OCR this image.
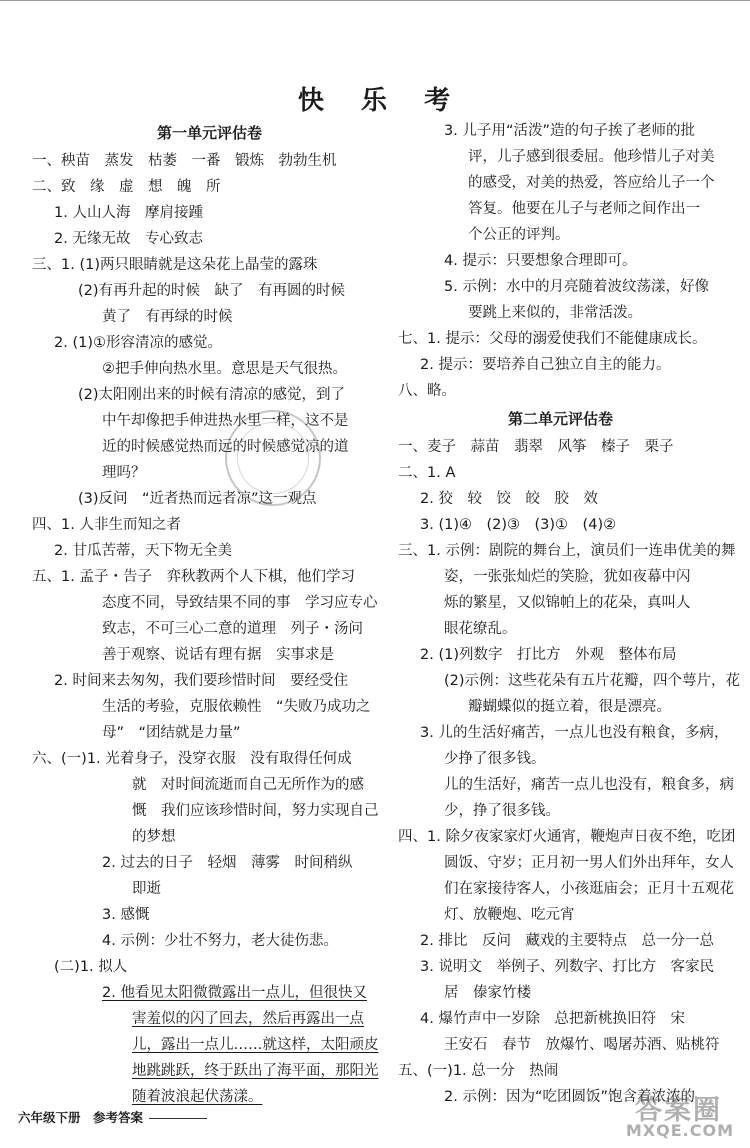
快 乐 考
第一单元评估卷
一、秧苗　蒸发　枯萎　一番　锻炼　勃勃生机
二、致　缘　虚　想　魄　所
1. 人山人海　摩肩接踵
2. 无缘无故　专心致志
三、1. (1)两只眼睛就是这朵花上晶莹的露珠
(2)有再升起的时候　缺了　有再圆的时候
黄了　有再绿的时候
2. (1)①形容清凉的感觉。
②把手伸向热水里。意思是天气很热。
(2)太阳刚出来的时候有清凉的感觉，到了
中午却像把手伸进热水里一样，这不是
近的时候感觉热而远的时候感觉凉的道
理吗？
(3)反问　“近者热而远者凉”这一观点
四、1. 人非生而知之者
2. 甘瓜苦蒂，天下物无全美
五、1. 孟子・告子　弈秋教两个人下棋，他们学习
态度不同，导致结果不同的事　学习应专心
致志，不可三心二意的道理　列子・汤问
善于观察、说话有理有据　实事求是
2. 时间来去匆匆，我们要珍惜时间　要经受住
生活的考验，克服依赖性　“失败乃成功之
母”　“团结就是力量”
六、(一)1. 光着身子，没穿衣服　没有取得任何成
就　对时间流逝而自己无所作为的感
慨　我们应该珍惜时间，努力实现自己
的梦想
2. 过去的日子　轻烟　薄雾　时间稍纵
即逝
3. 感慨
4. 示例：少壮不努力，老大徒伤悲。
(二)1. 拟人
2. 他看见太阳微微露出一点儿，但很快又
害羞似的闪了回去，然后再露出一点
儿，露出一点儿……就这样，太阳顽皮
地跳跳跃，终于跃出了海平面，那阳光
随着波浪起伏荡漾。
3. 儿子用“活泼”造的句子挨了老师的批
评，儿子感到很委屈。他珍惜儿子对美
的感受，对美的热爱，答应给儿子一个
答复。他要在儿子与老师之间作出一
个公正的评判。
4. 提示：只要想象合理即可。
5. 示例：水中的月亮随着波纹荡漾，好像
要跳上来似的，非常活泼。
七、1. 提示：父母的溺爱使我们不能健康成长。
2. 提示：要培养自己独立自主的能力。
八、略。
第二单元评估卷
一、麦子　蒜苗　翡翠　风筝　榛子　栗子
二、1. A
2. 狡　较　饺　皎　胶　效
3. (1)④　(2)③　(3)①　(4)②
三、1. 示例：剧院的舞台上，演员们一连串优美的舞
姿，一张张灿烂的笑脸，犹如夜幕中闪
烁的繁星，又似锦帕上的花朵，真叫人
眼花缭乱。
2. (1)列数字　打比方　外观　整体布局
(2)示例：这些花朵有五片花瓣，四个萼片，花
瓣蝴蝶似的挺立着，很是漂亮。
3. 儿的生活好痛苦，一点儿也没有粮食，多病，
少挣了很多钱。
儿的生活好，痛苦一点儿也没有，粮食多，病
少，挣了很多钱。
四、1. 除夕夜家家灯火通宵，鞭炮声日夜不绝，吃团
圆饭、守岁；正月初一男人们外出拜年，女人
们在家接待客人，小孩逛庙会；正月十五观花
灯、放鞭炮、吃元宵
2. 排比　反问　藏戏的主要特点　总一分一总
3. 说明文　举例子、列数字、打比方　客家民
居　傣家竹楼
4. 爆竹声中一岁除　总把新桃换旧符　宋
王安石　春节　放爆竹、喝屠苏酒、贴桃符
五、(一)1. 总一分　热闹
2. 示例：因为“吃团圆饭”饱含着浓浓的
六年级下册　参考答案	答案圈
MXQE.COM
